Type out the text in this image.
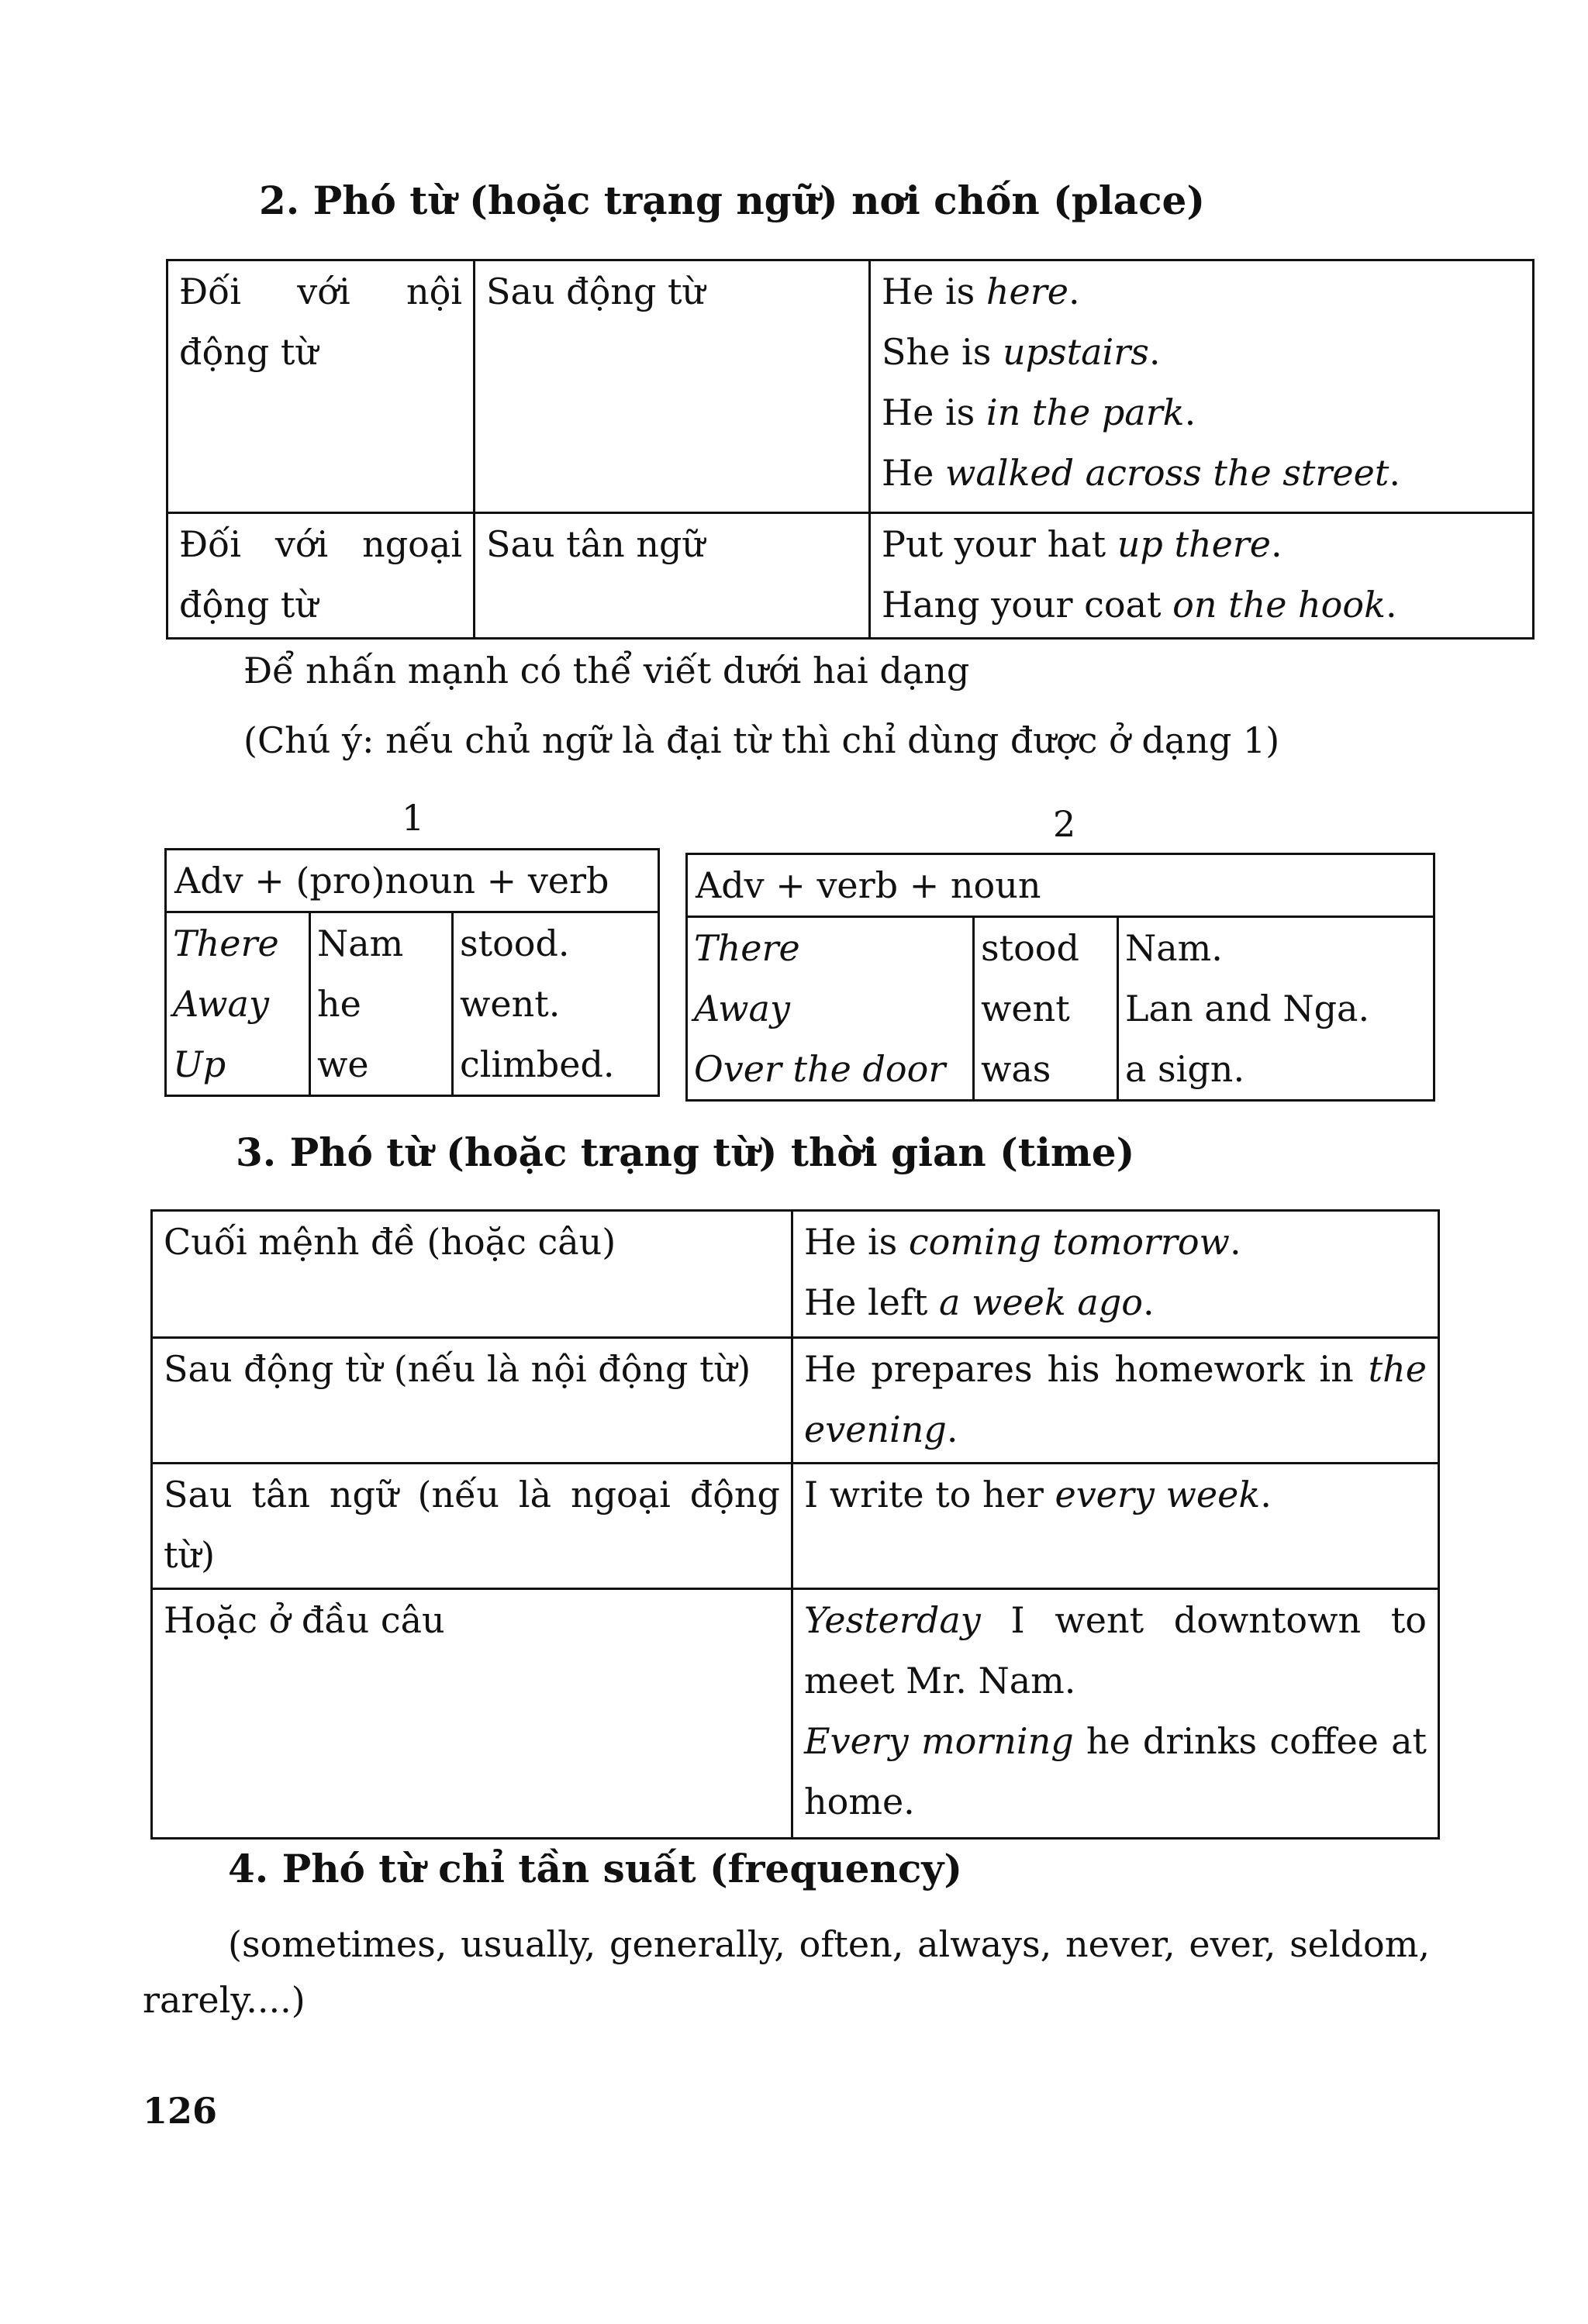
2. Phó từ (hoặc trạng ngữ) nơi chốn (place)
Đối với nội động từ	Sau động từ	He is here.
She is upstairs.
He is in the park.
He walked across the street.

Đối với ngoại động từ	Sau tân ngữ	Put your hat up there.
Hang your coat on the hook.
Để nhấn mạnh có thể viết dưới hai dạng
(Chú ý: nếu chủ ngữ là đại từ thì chỉ dùng được ở dạng 1)
1	2
Adv + (pro)noun + verb		
There	Nam	stood.
Away	he	went.
Up	we	climbed.
Adv + verb + noun		
There	stood	Nam.
Away	went	Lan and Nga.
Over the door	was	a sign.
3. Phó từ (hoặc trạng từ) thời gian (time)
Cuối mệnh đề (hoặc câu)	He is coming tomorrow.
He left a week ago.

Sau động từ (nếu là nội động từ)	He prepares his homework in the evening.

Sau tân ngữ (nếu là ngoại động từ)	I write to her every week.

Hoặc ở đầu câu	Yesterday I went downtown to meet Mr. Nam.
Every morning he drinks coffee at home.
4. Phó từ chỉ tần suất (frequency)
(sometimes, usually, generally, often, always, never, ever, seldom, rarely....)
126
